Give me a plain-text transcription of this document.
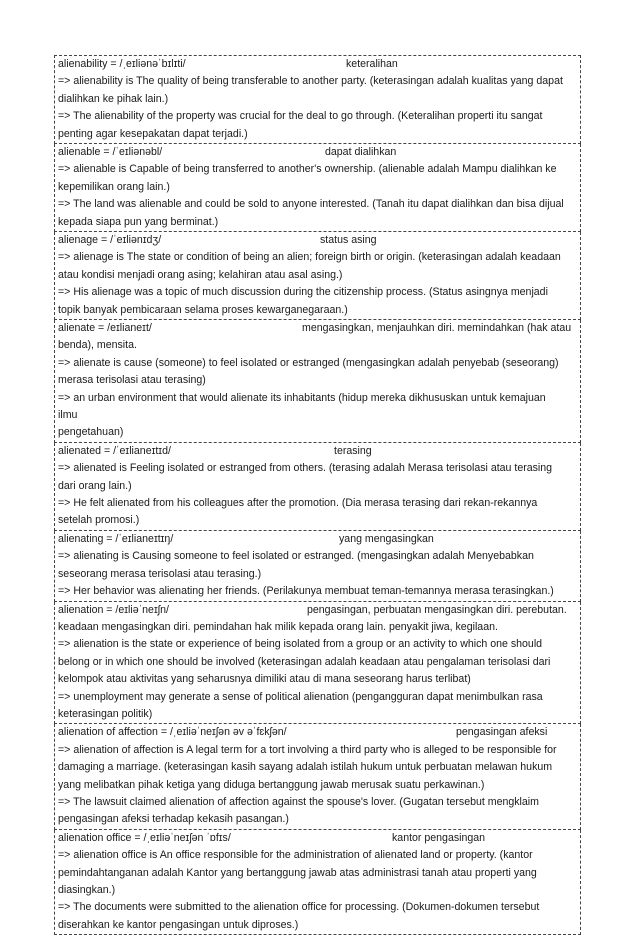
alienability = /ˌeɪliənəˈbɪlɪti/	keteralihan
=> alienability is The quality of being transferable to another party. (keterasingan adalah kualitas yang dapat
dialihkan ke pihak lain.)
=> The alienability of the property was crucial for the deal to go through. (Keteralihan properti itu sangat
penting agar kesepakatan dapat terjadi.)
alienable = /ˈeɪliənəbl/	dapat dialihkan
=> alienable is Capable of being transferred to another's ownership. (alienable adalah Mampu dialihkan ke
kepemilikan orang lain.)
=> The land was alienable and could be sold to anyone interested. (Tanah itu dapat dialihkan dan bisa dijual
kepada siapa pun yang berminat.)
alienage = /ˈeɪliənɪdʒ/	status asing
=> alienage is The state or condition of being an alien; foreign birth or origin. (keterasingan adalah keadaan
atau kondisi menjadi orang asing; kelahiran atau asal asing.)
=> His alienage was a topic of much discussion during the citizenship process. (Status asingnya menjadi
topik banyak pembicaraan selama proses kewarganegaraan.)
alienate = /eɪlianeɪt/	mengasingkan, menjauhkan diri. memindahkan (hak atau
benda), mensita.
=> alienate is cause (someone) to feel isolated or estranged (mengasingkan adalah penyebab (seseorang)
merasa terisolasi atau terasing)
=> an urban environment that would alienate its inhabitants (hidup mereka dikhususkan untuk kemajuan
ilmu
pengetahuan)
alienated = /ˈeɪlianeɪtɪd/	terasing
=> alienated is Feeling isolated or estranged from others. (terasing adalah Merasa terisolasi atau terasing
dari orang lain.)
=> He felt alienated from his colleagues after the promotion. (Dia merasa terasing dari rekan-rekannya
setelah promosi.)
alienating = /ˈeɪlianeɪtɪŋ/	yang mengasingkan
=> alienating is Causing someone to feel isolated or estranged. (mengasingkan adalah Menyebabkan
seseorang merasa terisolasi atau terasing.)
=> Her behavior was alienating her friends. (Perilakunya membuat teman-temannya merasa terasingkan.)
alienation = /eɪliəˈneɪʃn/	pengasingan, perbuatan mengasingkan diri. perebutan.
keadaan mengasingkan diri. pemindahan hak milik kepada orang lain. penyakit jiwa, kegilaan.
=> alienation is the state or experience of being isolated from a group or an activity to which one should
belong or in which one should be involved (keterasingan adalah keadaan atau pengalaman terisolasi dari
kelompok atau aktivitas yang seharusnya dimiliki atau di mana seseorang harus terlibat)
=> unemployment may generate a sense of political alienation (pengangguran dapat menimbulkan rasa
keterasingan politik)
alienation of affection = /ˌeɪliəˈneɪʃən əv əˈfɛkʃən/	pengasingan afeksi
=> alienation of affection is A legal term for a tort involving a third party who is alleged to be responsible for
damaging a marriage. (keterasingan kasih sayang adalah istilah hukum untuk perbuatan melawan hukum
yang melibatkan pihak ketiga yang diduga bertanggung jawab merusak suatu perkawinan.)
=> The lawsuit claimed alienation of affection against the spouse's lover. (Gugatan tersebut mengklaim
pengasingan afeksi terhadap kekasih pasangan.)
alienation office = /ˌeɪliəˈneɪʃən ˈɒfɪs/	kantor pengasingan
=> alienation office is An office responsible for the administration of alienated land or property. (kantor
pemindahtanganan adalah Kantor yang bertanggung jawab atas administrasi tanah atau properti yang
diasingkan.)
=> The documents were submitted to the alienation office for processing. (Dokumen-dokumen tersebut
diserahkan ke kantor pengasingan untuk diproses.)
